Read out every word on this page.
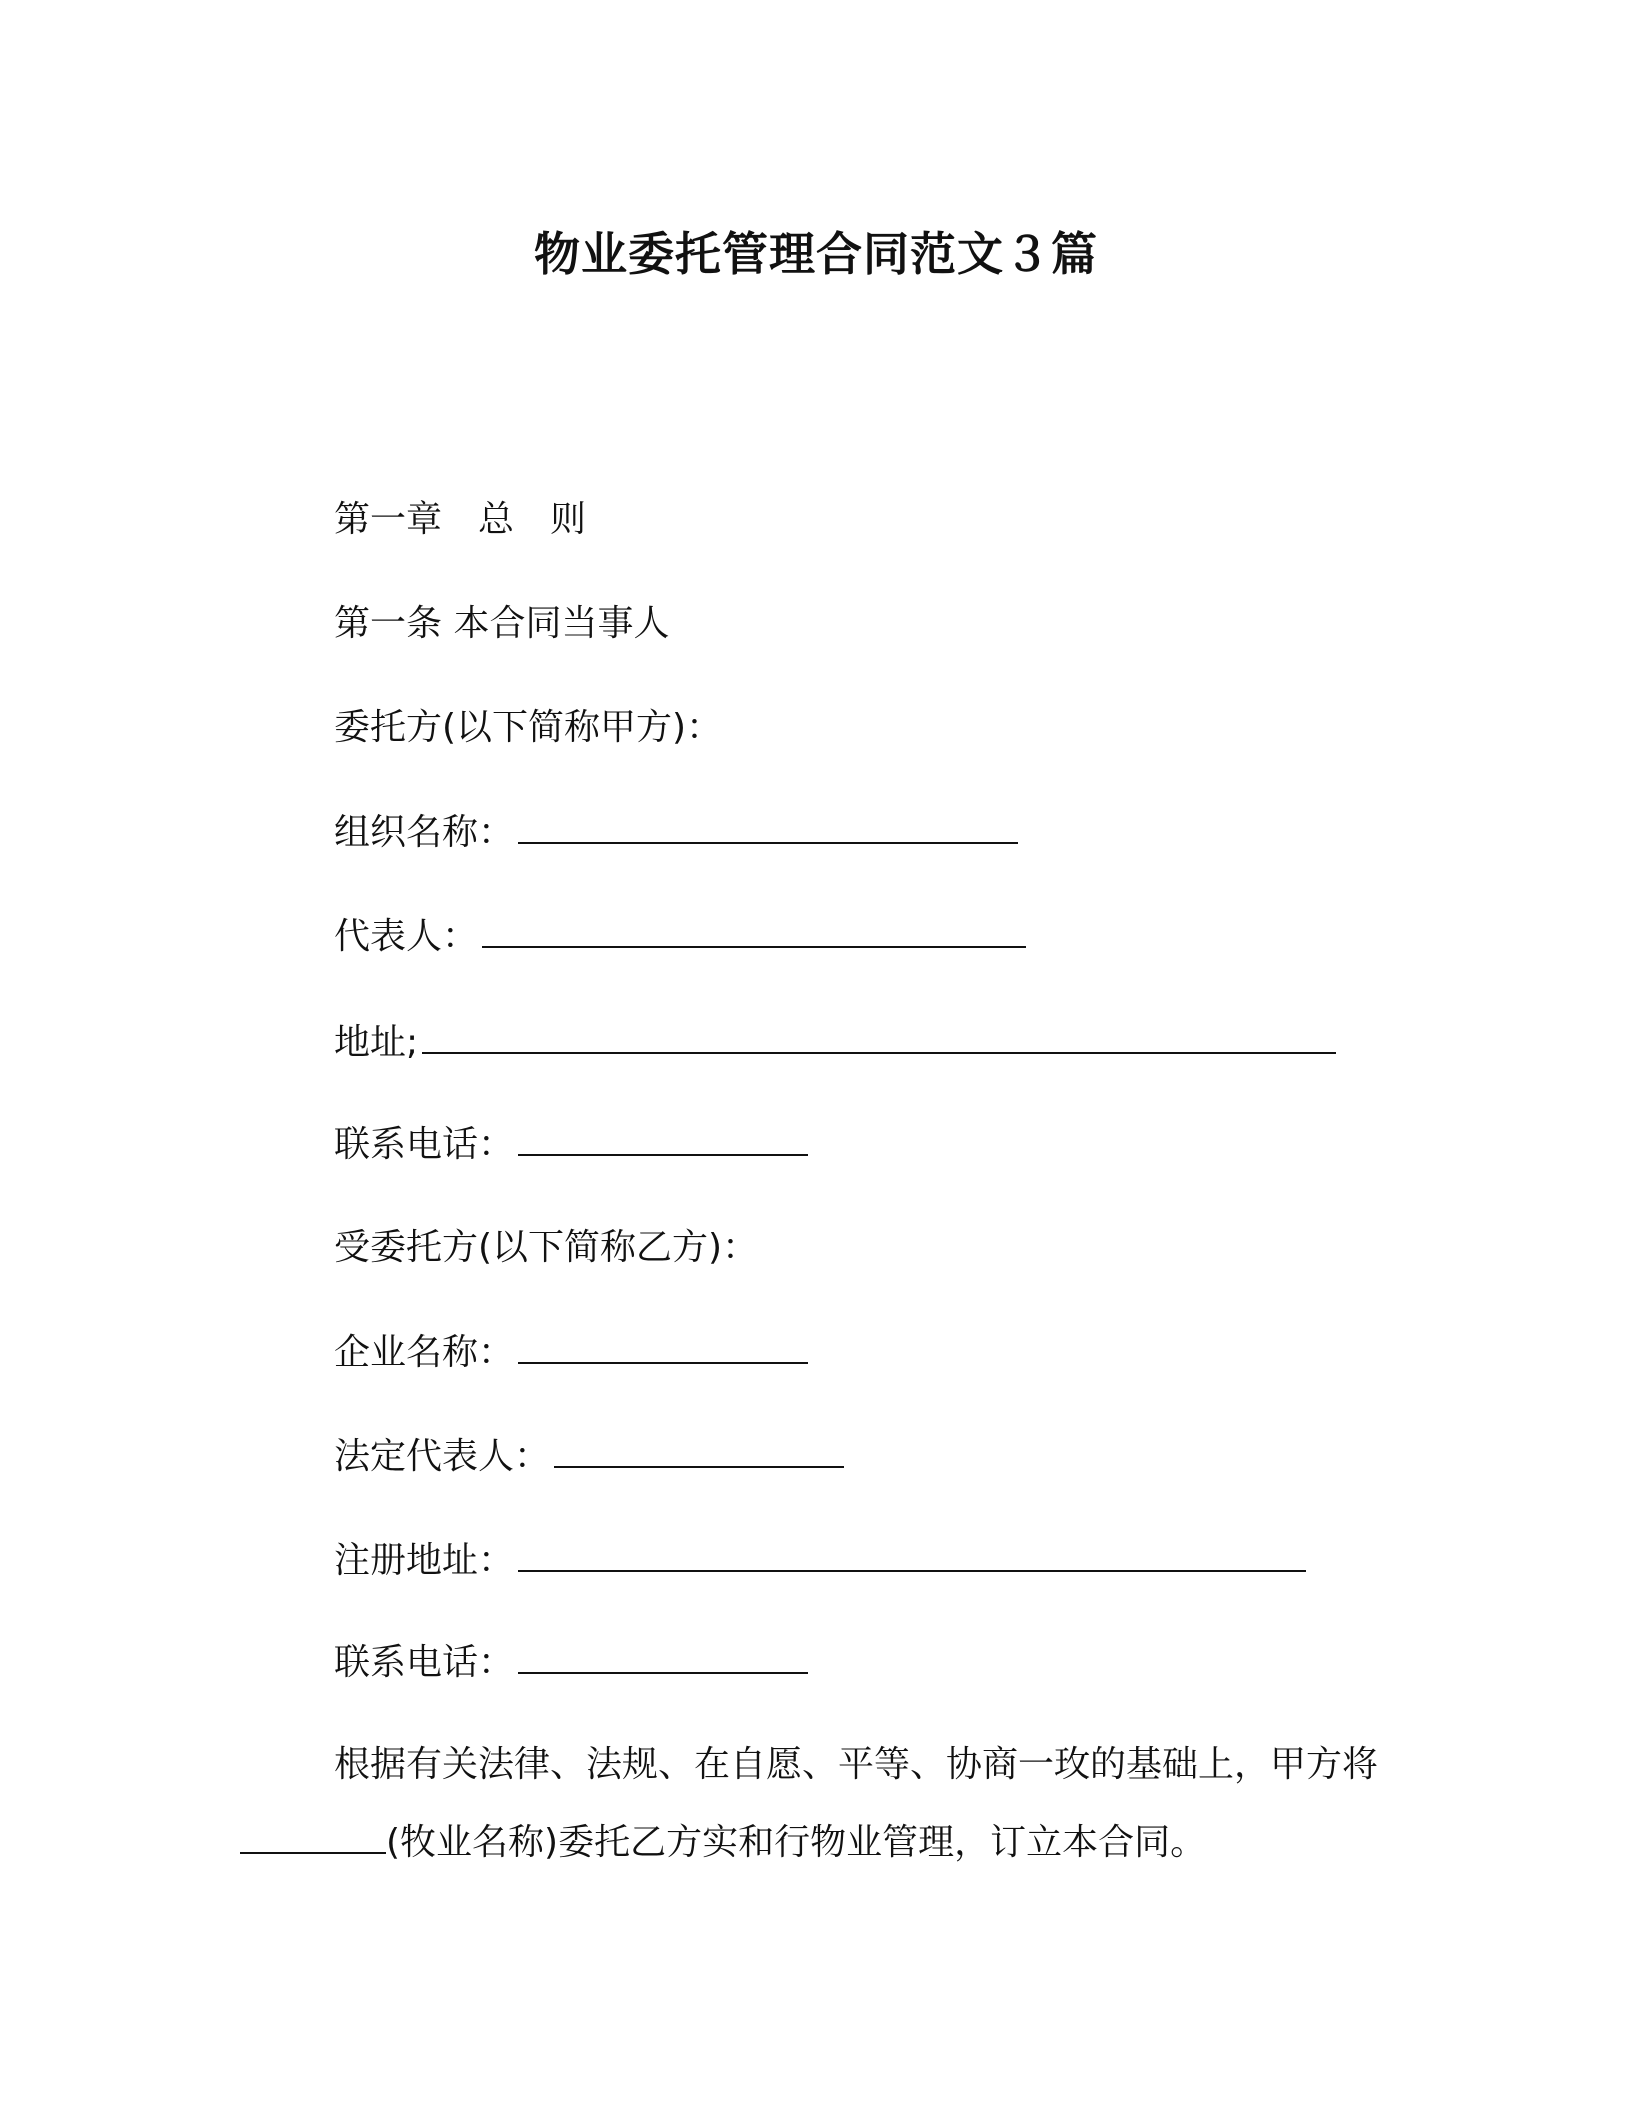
物业委托管理合同范文３篇

第一章　总　则

第一条 本合同当事人

委托方(以下简称甲方)：

组织名称：

代表人：

地址;

联系电话：

受委托方(以下简称乙方)：

企业名称：

法定代表人：

注册地址：

联系电话：

根据有关法律、法规、在自愿、平等、协商一玫的基础上，甲方将(牧业名称)委托乙方实和行物业管理，订立本合同。
